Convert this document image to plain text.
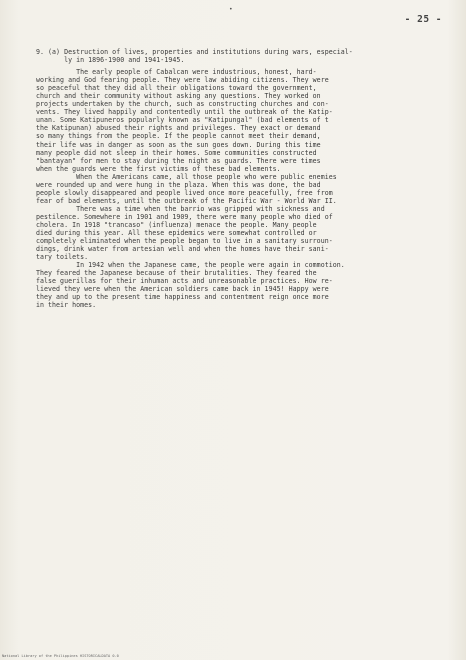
•
- 25 -
9. (a) Destruction of lives, properties and institutions during wars, especial-
ly in 1896-1900 and 1941-1945.
The early people of Cabalcan were industrious, honest, hard-
working and God fearing people. They were law abiding citizens. They were
so peaceful that they did all their obligations toward the government,
church and their community without asking any questions. They worked on
projects undertaken by the church, such as constructing churches and con-
vents. They lived happily and contentedly until the outbreak of the Katip-
unan. Some Katipuneros popularly known as "Katipungal" (bad elements of t
the Katipunan) abused their rights and privileges. They exact or demand
so many things from the people. If the people cannot meet their demand,
their life was in danger as soon as the sun goes down. During this time
many people did not sleep in their homes. Some communities constructed
"bantayan" for men to stay during the night as guards. There were times
when the guards were the first victims of these bad elements.
When the Americans came, all those people who were public enemies
were rounded up and were hung in the plaza. When this was done, the bad
people slowly disappeared and people lived once more peacefully, free from
fear of bad elements, until the outbreak of the Pacific War - World War II.
There was a time when the barrio was gripped with sickness and
pestilence. Somewhere in 1901 and 1909, there were many people who died of
cholera. In 1918 "trancaso" (influenza) menace the people. Many people
died during this year. All these epidemics were somewhat controlled or
completely eliminated when the people began to live in a sanitary surroun-
dings, drink water from artesian well and when the homes have their sani-
tary toilets.
In 1942 when the Japanese came, the people were again in commotion.
They feared the Japanese because of their brutalities. They feared the
false guerillas for their inhuman acts and unreasonable practices. How re-
lieved they were when the American soldiers came back in 1945! Happy were
they and up to the present time happiness and contentment reign once more
in their homes.
National Library of the Philippines HISTORICALDATA 0.0
